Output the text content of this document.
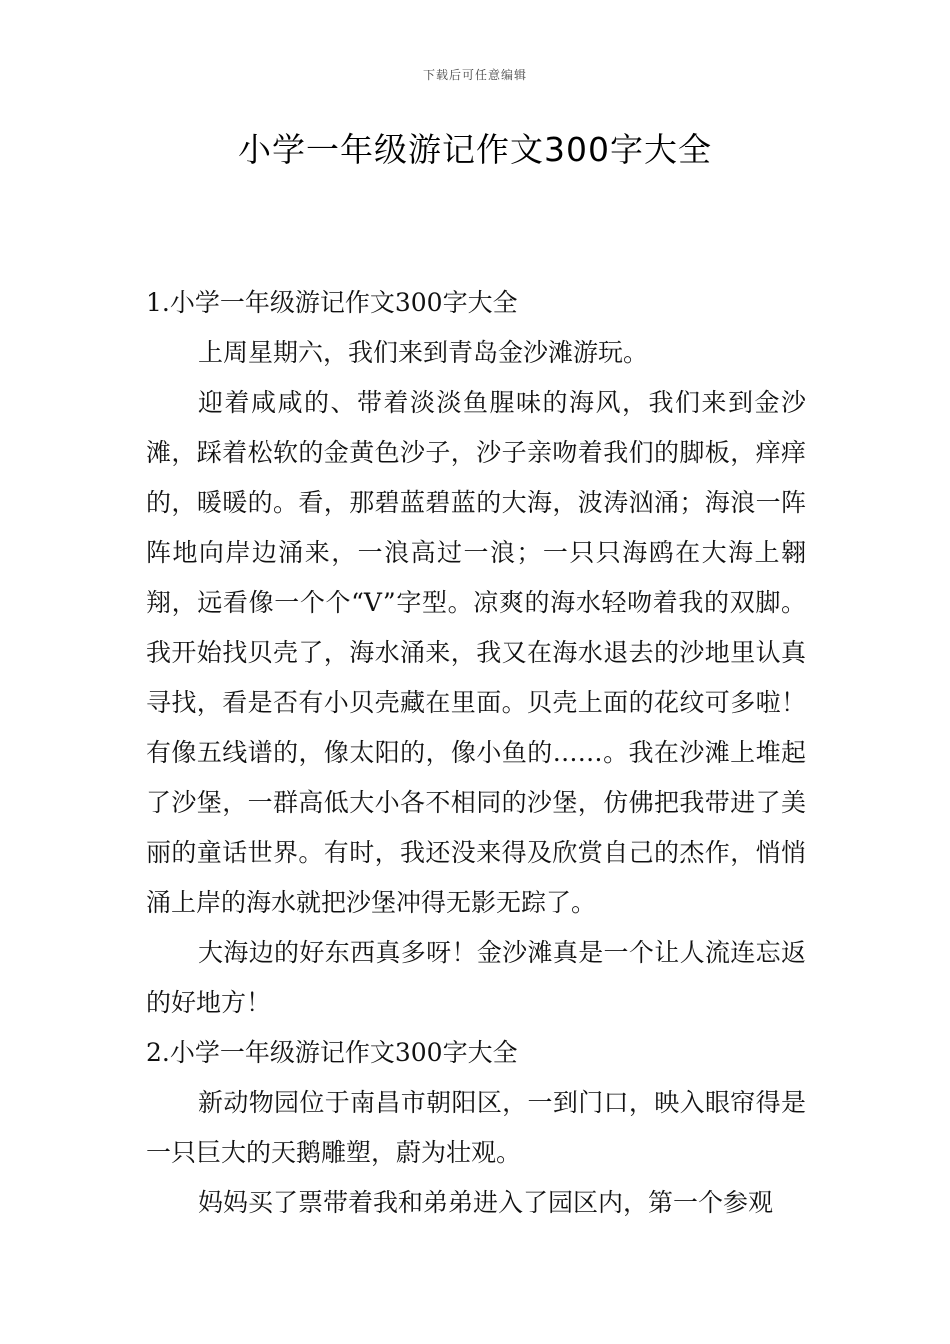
下载后可任意编辑
小学一年级游记作文300字大全

1.小学一年级游记作文300字大全

上周星期六，我们来到青岛金沙滩游玩。

迎着咸咸的、带着淡淡鱼腥味的海风，我们来到金沙滩，踩着松软的金黄色沙子，沙子亲吻着我们的脚板，痒痒的，暖暖的。看，那碧蓝碧蓝的大海，波涛汹涌；海浪一阵阵地向岸边涌来，一浪高过一浪；一只只海鸥在大海上翱翔，远看像一个个“V”字型。凉爽的海水轻吻着我的双脚。我开始找贝壳了，海水涌来，我又在海水退去的沙地里认真寻找，看是否有小贝壳藏在里面。贝壳上面的花纹可多啦！有像五线谱的，像太阳的，像小鱼的……。我在沙滩上堆起了沙堡，一群高低大小各不相同的沙堡，仿佛把我带进了美丽的童话世界。有时，我还没来得及欣赏自己的杰作，悄悄涌上岸的海水就把沙堡冲得无影无踪了。

大海边的好东西真多呀！金沙滩真是一个让人流连忘返的好地方！

2.小学一年级游记作文300字大全

新动物园位于南昌市朝阳区，一到门口，映入眼帘得是一只巨大的天鹅雕塑，蔚为壮观。

妈妈买了票带着我和弟弟进入了园区内，第一个参观
